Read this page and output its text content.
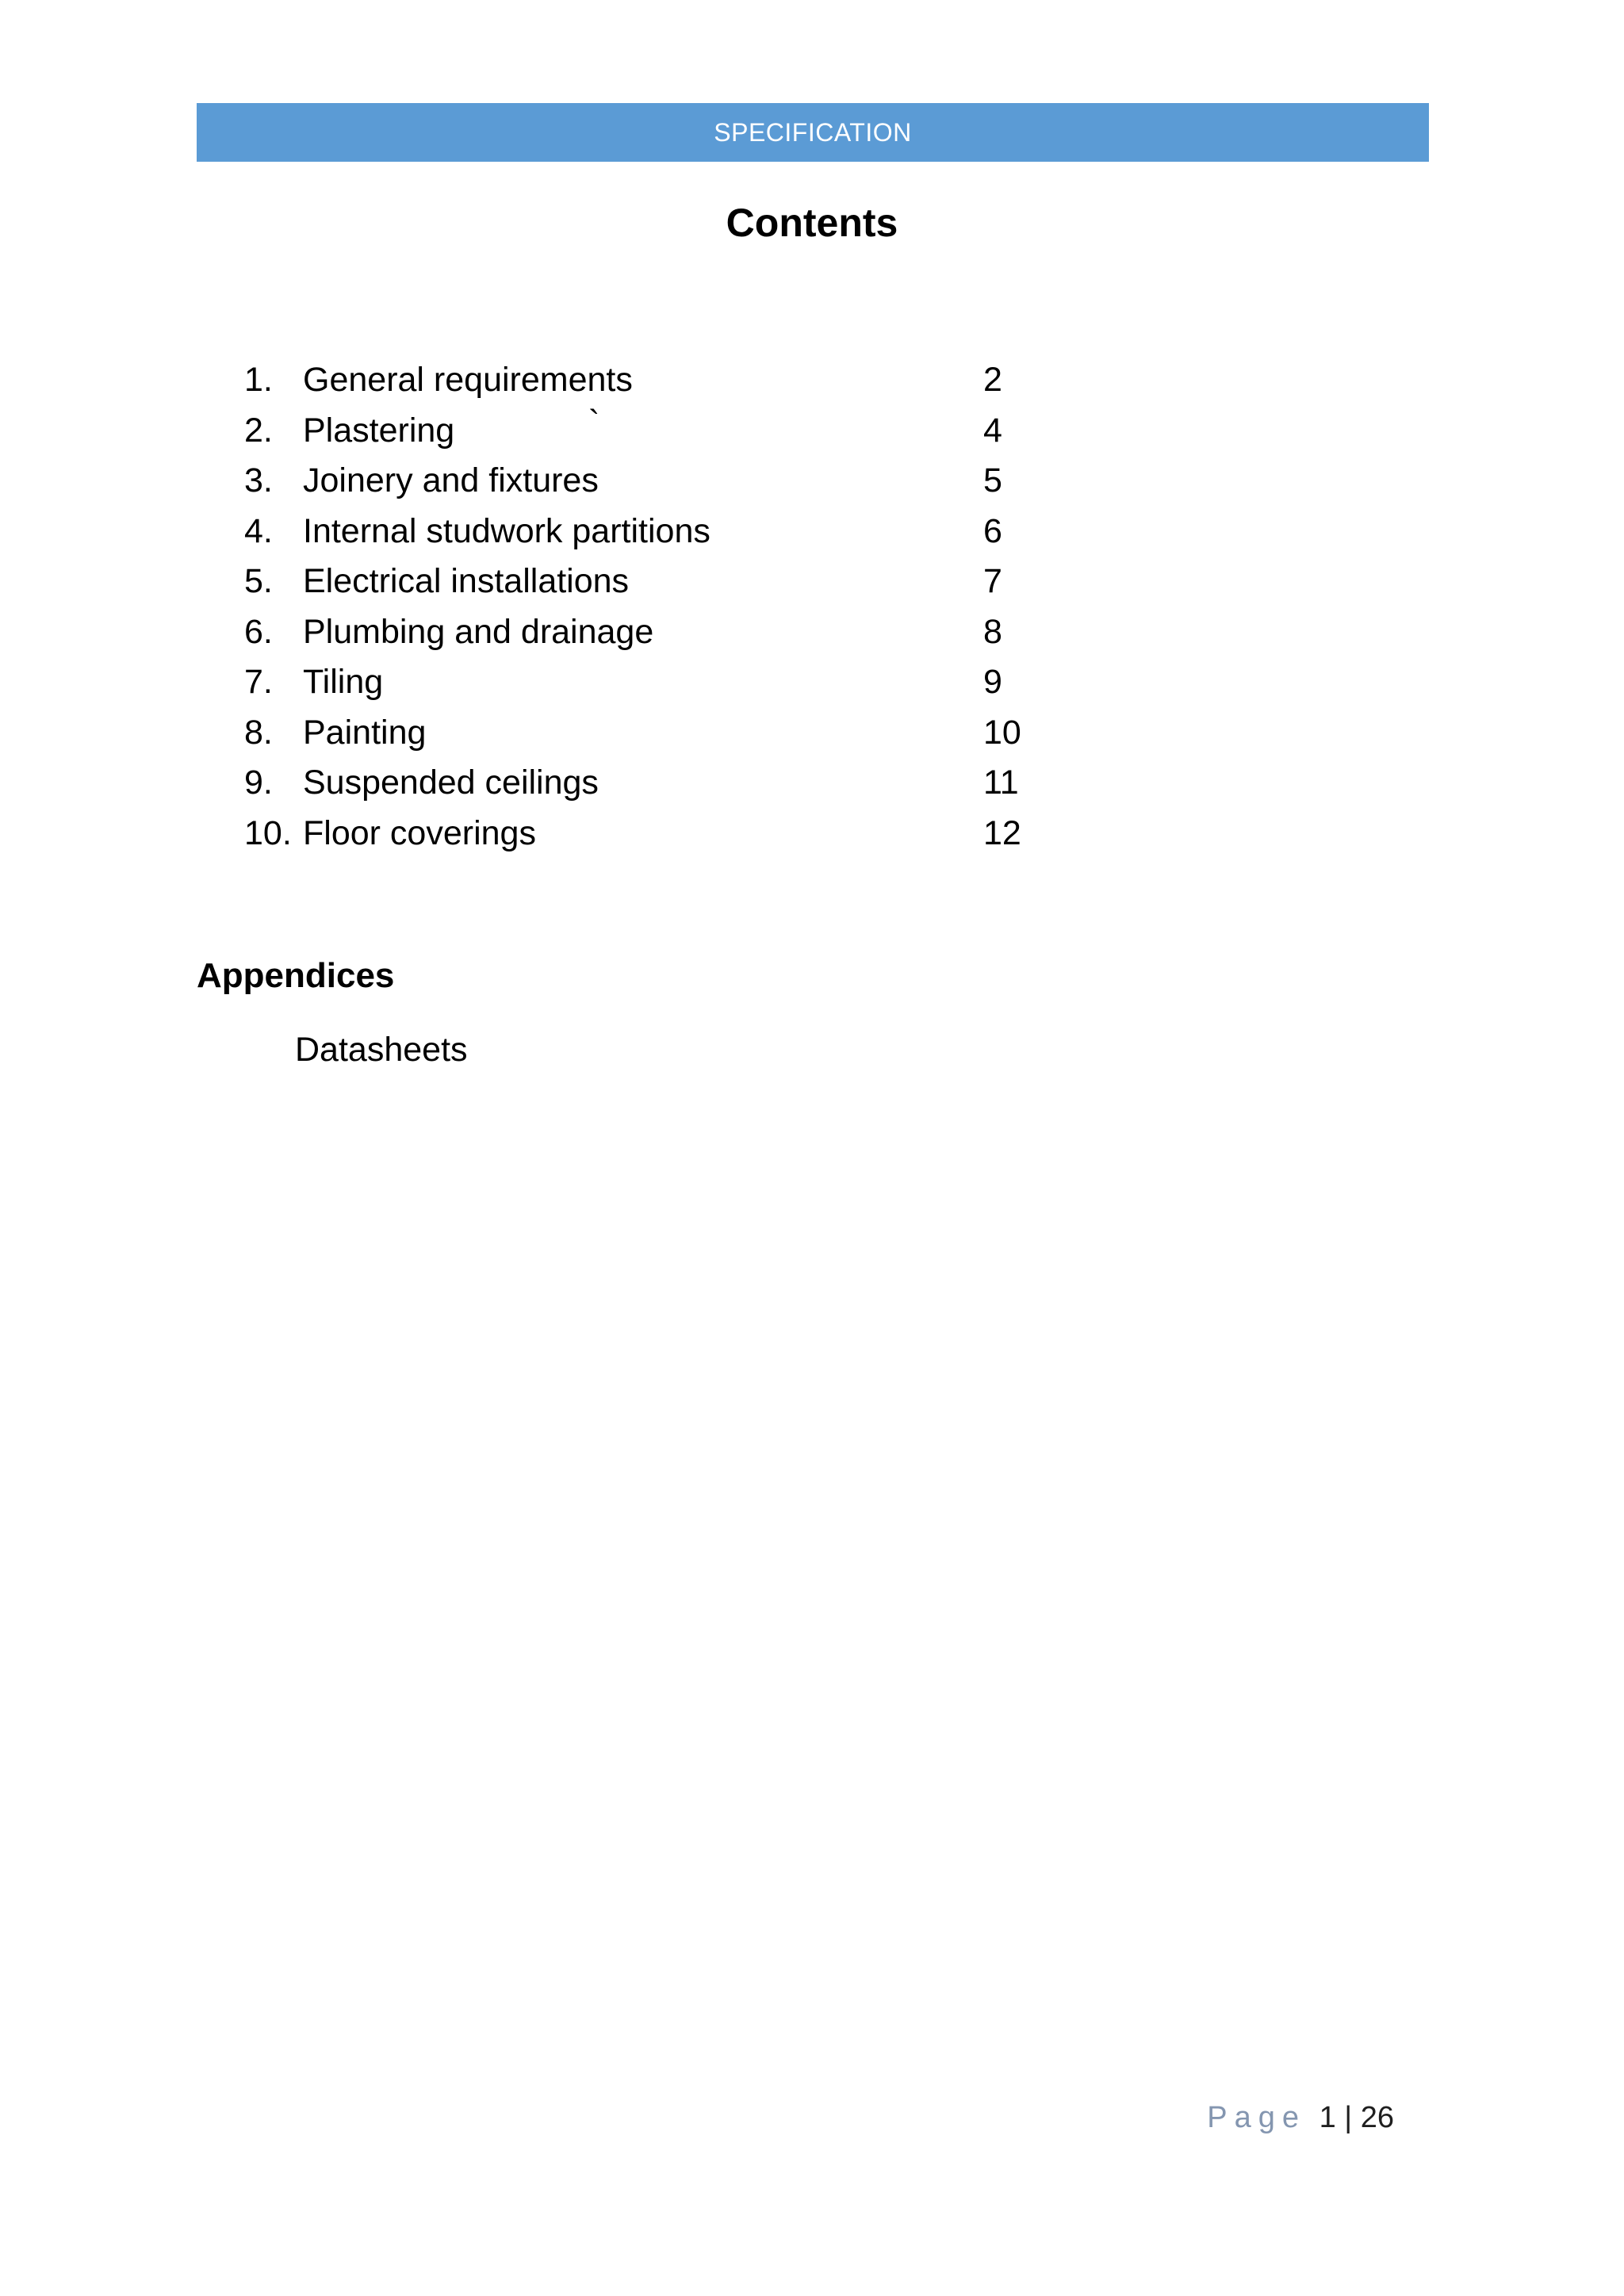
SPECIFICATION
Contents
1. General requirements	2
2. Plastering	`	4
3. Joinery and fixtures	5
4. Internal studwork partitions	6
5. Electrical installations	7
6. Plumbing and drainage	8
7. Tiling	9
8. Painting	10
9. Suspended ceilings	11
10. Floor coverings	12
Appendices
Datasheets
Page 1 | 26
